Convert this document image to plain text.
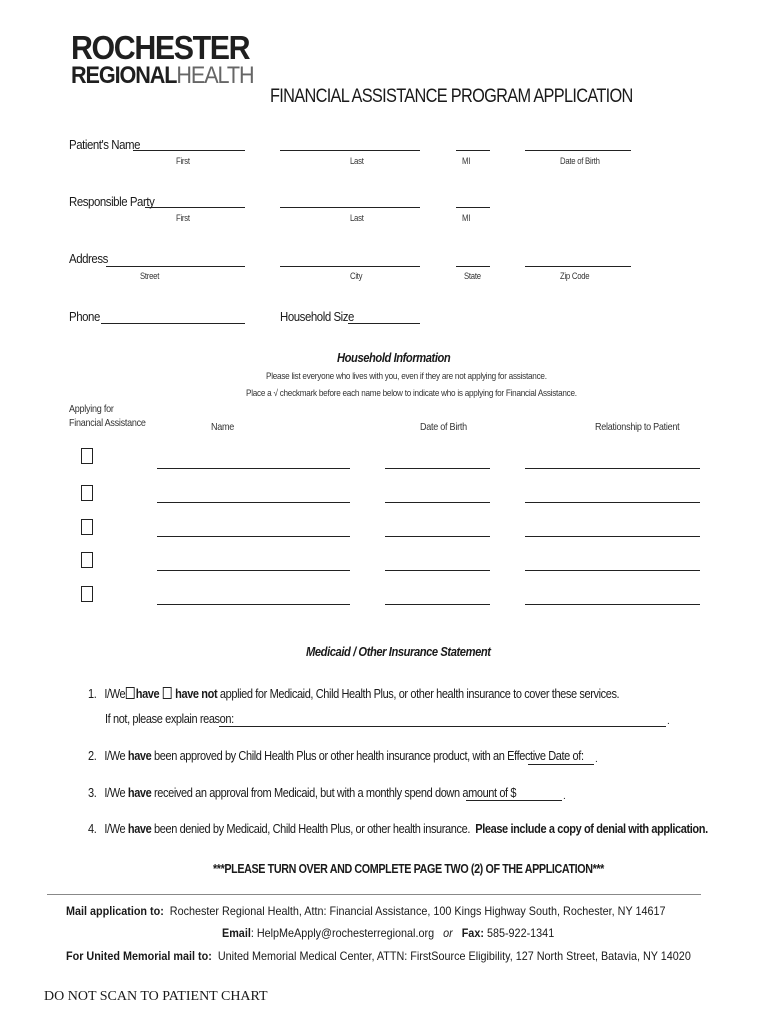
ROCHESTER
REGIONALHEALTH
FINANCIAL ASSISTANCE PROGRAM APPLICATION
Patient's Name
First	Last	MI	Date of Birth
Responsible Party
First	Last	MI
Address
Street	City	State	Zip Code
Phone	Household Size
Household Information
Please list everyone who lives with you, even if they are not applying for assistance.
Place a √ checkmark before each name below to indicate who is applying for Financial Assistance.
Applying for
Financial Assistance	Name	Date of Birth	Relationship to Patient
Medicaid / Other Insurance Statement
1. I/We have have not applied for Medicaid, Child Health Plus, or other health insurance to cover these services.
If not, please explain reason:	.
2. I/We have been approved by Child Health Plus or other health insurance product, with an Effective Date of: .
3. I/We have received an approval from Medicaid, but with a monthly spend down amount of $	.
4. I/We have been denied by Medicaid, Child Health Plus, or other health insurance. Please include a copy of denial with application.
***PLEASE TURN OVER AND COMPLETE PAGE TWO (2) OF THE APPLICATION***
Mail application to: Rochester Regional Health, Attn: Financial Assistance, 100 Kings Highway South, Rochester, NY 14617
Email: HelpMeApply@rochesterregional.org or Fax: 585-922-1341
For United Memorial mail to: United Memorial Medical Center, ATTN: FirstSource Eligibility, 127 North Street, Batavia, NY 14020
DO NOT SCAN TO PATIENT CHART
